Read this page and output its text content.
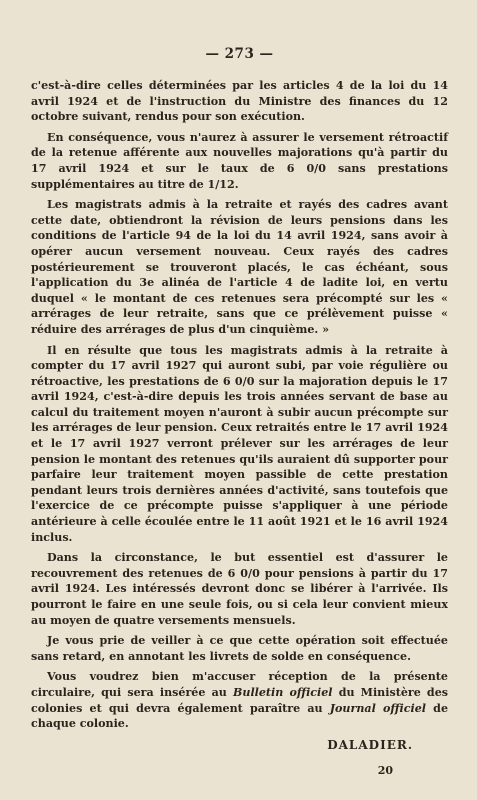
— 273 —

c'est-à-dire celles déterminées par les articles 4 de la loi du 14 avril 1924 et de l'instruction du Ministre des finances du 12 octobre suivant, rendus pour son exécution.

En conséquence, vous n'aurez à assurer le versement rétroactif de la retenue afférente aux nouvelles majorations qu'à partir du 17 avril 1924 et sur le taux de 6 0/0 sans prestations supplémentaires au titre de 1/12.

Les magistrats admis à la retraite et rayés des cadres avant cette date, obtiendront la révision de leurs pensions dans les conditions de l'article 94 de la loi du 14 avril 1924, sans avoir à opérer aucun versement nouveau. Ceux rayés des cadres postérieurement se trouveront placés, le cas échéant, sous l'application du 3e alinéa de l'article 4 de ladite loi, en vertu duquel « le montant de ces retenues sera précompté sur les « arrérages de leur retraite, sans que ce prélèvement puisse « réduire des arrérages de plus d'un cinquième. »

Il en résulte que tous les magistrats admis à la retraite à compter du 17 avril 1927 qui auront subi, par voie régulière ou rétroactive, les prestations de 6 0/0 sur la majoration depuis le 17 avril 1924, c'est-à-dire depuis les trois années servant de base au calcul du traitement moyen n'auront à subir aucun précompte sur les arrérages de leur pension. Ceux retraités entre le 17 avril 1924 et le 17 avril 1927 verront prélever sur les arrérages de leur pension le montant des retenues qu'ils auraient dû supporter pour parfaire leur traitement moyen passible de cette prestation pendant leurs trois dernières années d'activité, sans toutefois que l'exercice de ce précompte puisse s'appliquer à une période antérieure à celle écoulée entre le 11 août 1921 et le 16 avril 1924 inclus.

Dans la circonstance, le but essentiel est d'assurer le recouvrement des retenues de 6 0/0 pour pensions à partir du 17 avril 1924. Les intéressés devront donc se libérer à l'arrivée. Ils pourront le faire en une seule fois, ou si cela leur convient mieux au moyen de quatre versements mensuels.

Je vous prie de veiller à ce que cette opération soit effectuée sans retard, en annotant les livrets de solde en conséquence.

Vous voudrez bien m'accuser réception de la présente circulaire, qui sera insérée au Bulletin officiel du Ministère des colonies et qui devra également paraître au Journal officiel de chaque colonie.

DALADIER.
20
